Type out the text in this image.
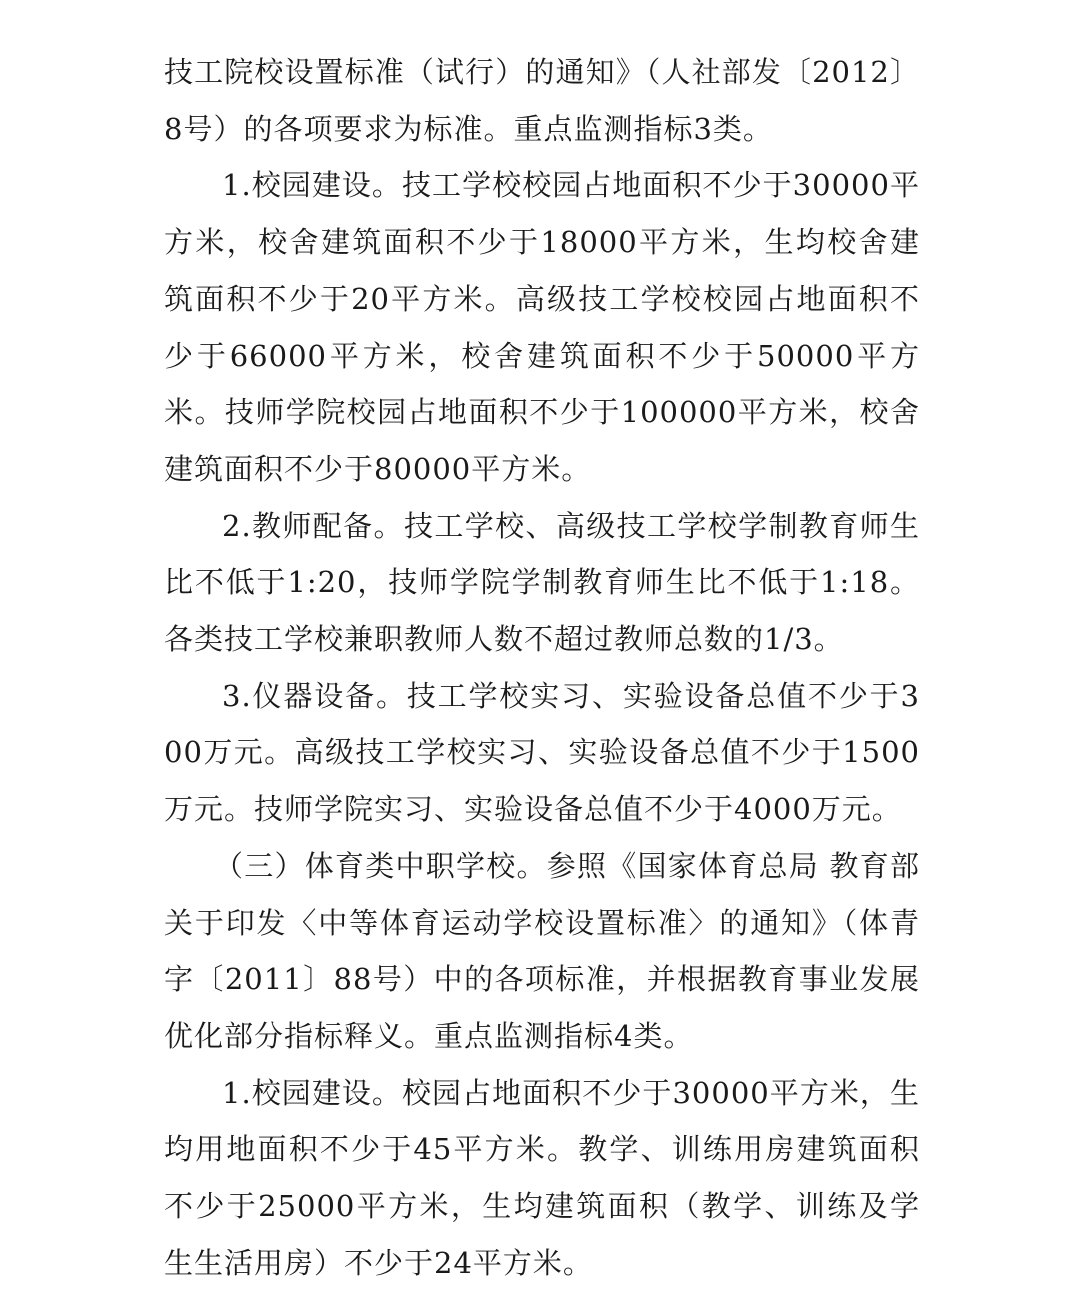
技工院校设置标准（试行）的通知》（人社部发〔2012〕8号）的各项要求为标准。重点监测指标3类。

1.校园建设。技工学校校园占地面积不少于30000平方米，校舍建筑面积不少于18000平方米，生均校舍建筑面积不少于20平方米。高级技工学校校园占地面积不少于66000平方米，校舍建筑面积不少于50000平方米。技师学院校园占地面积不少于100000平方米，校舍建筑面积不少于80000平方米。

2.教师配备。技工学校、高级技工学校学制教育师生比不低于1:20，技师学院学制教育师生比不低于1:18。各类技工学校兼职教师人数不超过教师总数的1/3。

3.仪器设备。技工学校实习、实验设备总值不少于300万元。高级技工学校实习、实验设备总值不少于1500万元。技师学院实习、实验设备总值不少于4000万元。

（三）体育类中职学校。参照《国家体育总局 教育部关于印发〈中等体育运动学校设置标准〉的通知》（体青字〔2011〕88号）中的各项标准，并根据教育事业发展优化部分指标释义。重点监测指标4类。

1.校园建设。校园占地面积不少于30000平方米，生均用地面积不少于45平方米。教学、训练用房建筑面积不少于25000平方米，生均建筑面积（教学、训练及学生生活用房）不少于24平方米。
